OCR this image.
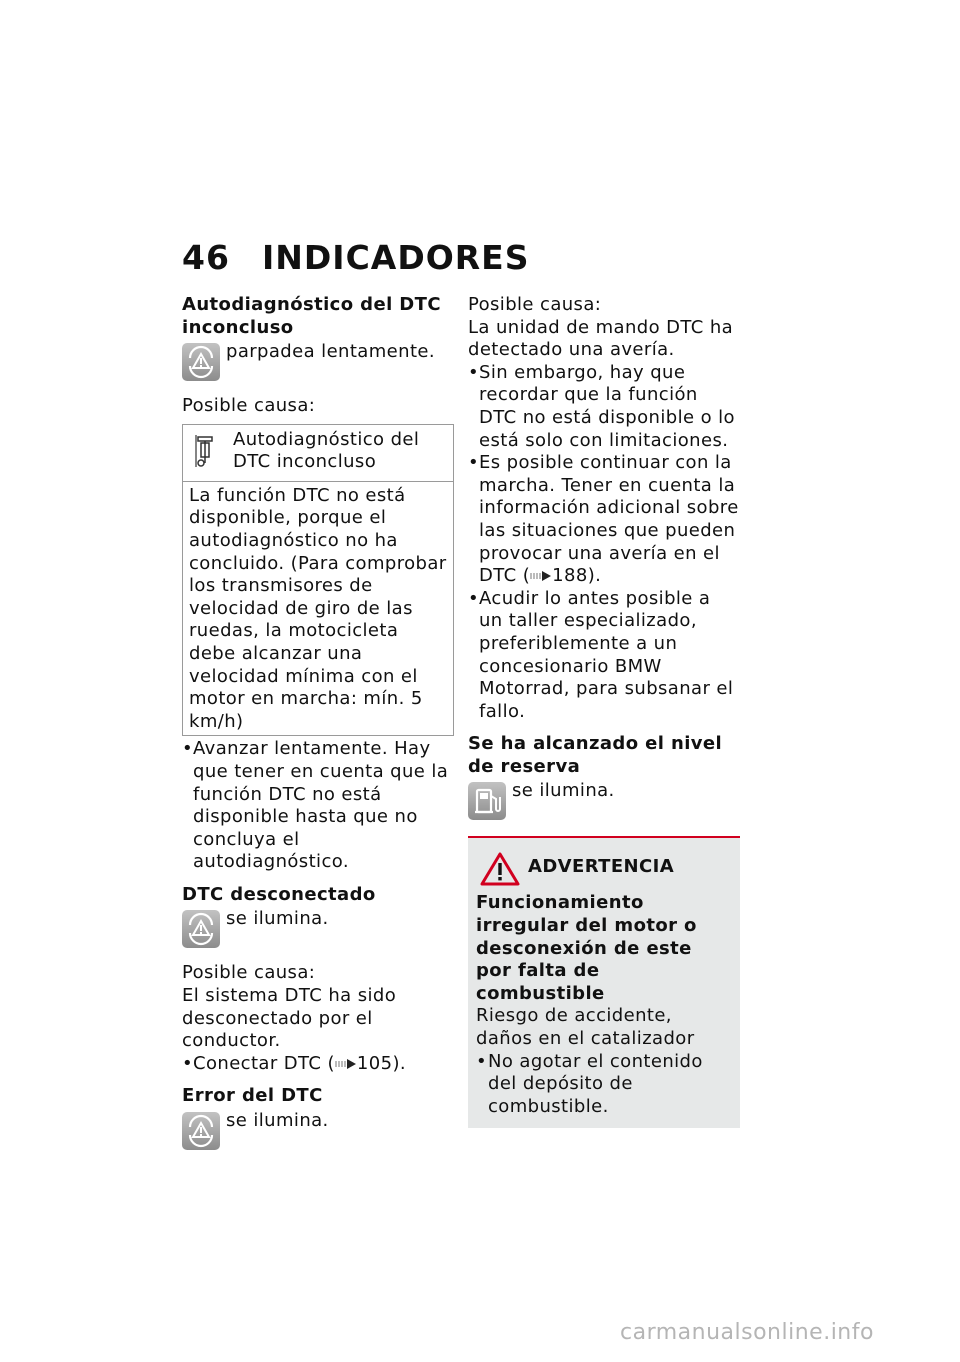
46 INDICADORES
Autodiagnóstico del DTC inconcluso
parpadea lentamente.
Posible causa:
Autodiagnóstico del DTC inconcluso
La función DTC no está disponible, porque el autodiagnóstico no ha concluido. (Para comprobar los transmisores de velocidad de giro de las ruedas, la motocicleta debe alcanzar una velocidad mínima con el motor en marcha: mín. 5 km/h)
• Avanzar lentamente. Hay que tener en cuenta que la función DTC no está disponible hasta que no concluya el autodiagnóstico.
DTC desconectado
se ilumina.
Posible causa:
El sistema DTC ha sido desconectado por el conductor.
• Conectar DTC ( 105).
Error del DTC
se ilumina.
Posible causa:
La unidad de mando DTC ha detectado una avería.
• Sin embargo, hay que recordar que la función DTC no está disponible o lo está solo con limitaciones.
• Es posible continuar con la marcha. Tener en cuenta la información adicional sobre las situaciones que pueden provocar una avería en el DTC ( 188).
• Acudir lo antes posible a un taller especializado, preferiblemente a un concesionario BMW Motorrad, para subsanar el fallo.
Se ha alcanzado el nivel de reserva
se ilumina.
ADVERTENCIA
Funcionamiento irregular del motor o desconexión de este por falta de combustible
Riesgo de accidente, daños en el catalizador
• No agotar el contenido del depósito de combustible.
carmanualsonline.info
